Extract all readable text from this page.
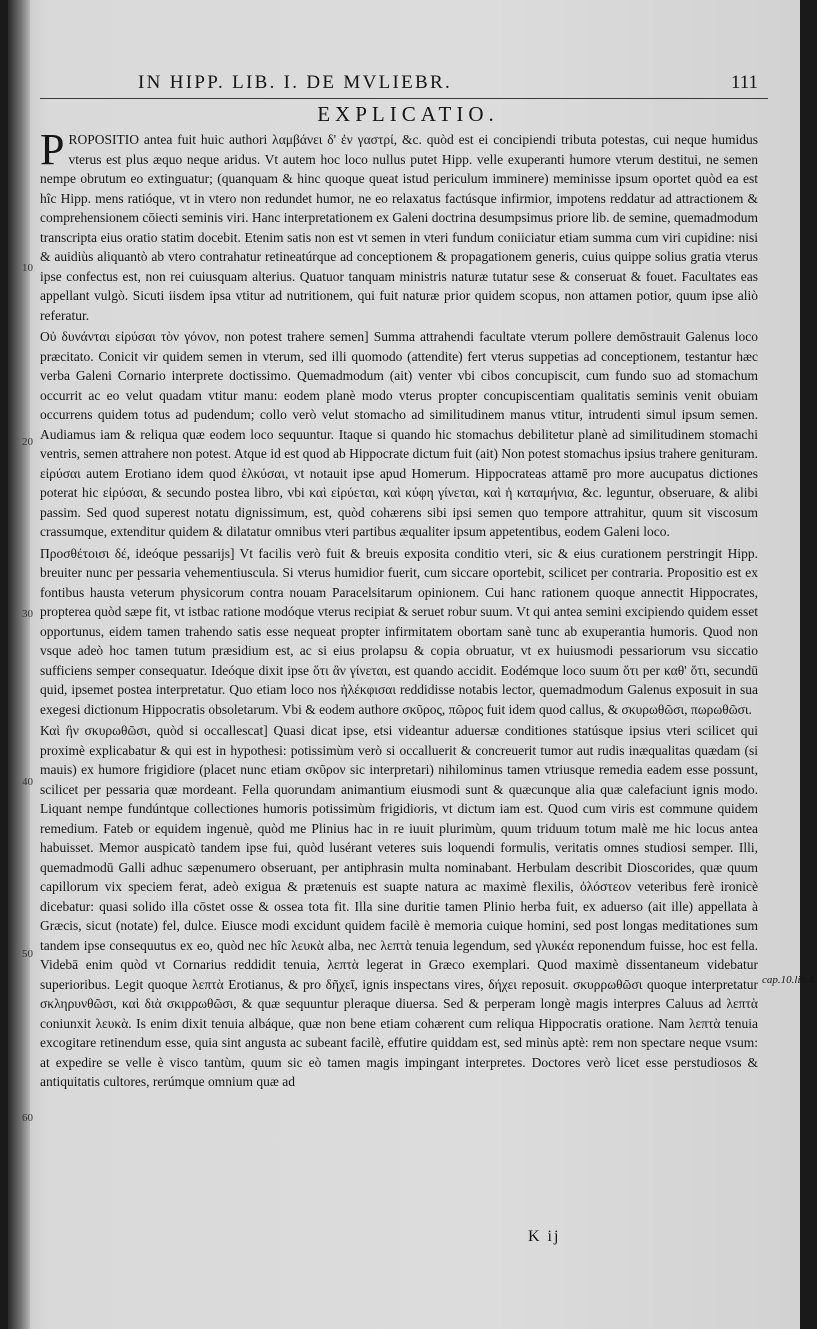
IN HIPP. LIB. I. DE MVLIEBR.	111
EXPLICATIO.

PROPOSITIO antea fuit huic authori λαμβάνει δ' ἐν γαστρί, &c. quòd est ei concipiendi tributa potestas, cui neque humidus vterus est plus æquo neque aridus. Vt autem hoc loco nullus putet Hipp. velle exuperanti humore vterum destitui, ne semen nempe obrutum eo extinguatur; (quanquam & hinc quoque queat istud periculum imminere) meminisse ipsum oportet quòd ea est hîc Hipp. mens ratióque, vt in vtero non redundet humor, ne eo relaxatus factúsque infirmior, impotens reddatur ad attractionem & comprehensionem cōiecti seminis viri. Hanc interpretationem ex Galeni doctrina desumpsimus priore lib. de semine, quemadmodum transcripta eius oratio statim docebit. Etenim satis non est vt semen in vteri fundum coniiciatur etiam summa cum viri cupidine: nisi & auidiùs aliquantò ab vtero contrahatur retineatúrque ad conceptionem & propagationem generis, cuius quippe solius gratia vterus ipse confectus est, non rei cuiusquam alterius. Quatuor tanquam ministris naturæ tutatur sese & conseruat & fouet. Facultates eas appellant vulgò. Sicuti iisdem ipsa vtitur ad nutritionem, qui fuit naturæ prior quidem scopus, non attamen potior, quum ipse aliò referatur.

Οὐ δυνάνται εἰρύσαι τὸν γόνον, non potest trahere semen] Summa attrahendi facultate vterum pollere demōstrauit Galenus loco præcitato. Conicit vir quidem semen in vterum, sed illi quomodo (attendite) fert vterus suppetias ad conceptionem, testantur hæc verba Galeni Cornario interprete doctissimo. Quemadmodum (ait) venter vbi cibos concupiscit, cum fundo suo ad stomachum occurrit ac eo velut quadam vtitur manu: eodem planè modo vterus propter concupiscentiam qualitatis seminis venit obuiam occurrens quidem totus ad pudendum; collo verò velut stomacho ad similitudinem manus vtitur, intrudenti simul ipsum semen. Audiamus iam & reliqua quæ eodem loco sequuntur. Itaque si quando hic stomachus debilitetur planè ad similitudinem stomachi ventris, semen attrahere non potest. Atque id est quod ab Hippocrate dictum fuit (ait) Non potest stomachus ipsius trahere genituram. εἰρύσαι autem Erotiano idem quod ἑλκύσαι, vt notauit ipse apud Homerum. Hippocrateas attamē pro more aucupatus dictiones poterat hic εἰρύσαι, & secundo postea libro, vbi καὶ εἰρύεται, καὶ κύφη γίνεται, καὶ ἡ καταμήνια, &c. leguntur, obseruare, & alibi passim. Sed quod superest notatu dignissimum, est, quòd cohærens sibi ipsi semen quo tempore attrahitur, quum sit viscosum crassumque, extenditur quidem & dilatatur omnibus vteri partibus æqualiter ipsum appetentibus, eodem Galeni loco.

Προσθέτοισι δέ, ideóque pessarijs] Vt facilis verò fuit & breuis exposita conditio vteri, sic & eius curationem perstringit Hipp. breuiter nunc per pessaria vehementiuscula. Si vterus humidior fuerit, cum siccare oportebit, scilicet per contraria. Propositio est ex fontibus hausta veterum physicorum contra nouam Paracelsitarum opinionem. Cui hanc rationem quoque annectit Hippocrates, propterea quòd sæpe fit, vt istbac ratione modóque vterus recipiat & seruet robur suum. Vt qui antea semini excipiendo quidem esset opportunus, eidem tamen trahendo satis esse nequeat propter infirmitatem obortam sanè tunc ab exuperantia humoris. Quod non vsque adeò hoc tamen tutum præsidium est, ac si eius prolapsu & copia obruatur, vt ex huiusmodi pessariorum vsu siccatio sufficiens semper consequatur. Ideóque dixit ipse ὅτι ἂν γίνεται, est quando accidit. Eodémque loco suum ὅτι per καθ' ὅτι, secundū quid, ipsemet postea interpretatur. Quo etiam loco nos ἠλέκφισαι reddidisse notabis lector, quemadmodum Galenus exposuit in sua exegesi dictionum Hippocratis obsoletarum. Vbi & eodem authore σκῦρος, πῶρος fuit idem quod callus, & σκυρωθῶσι, πωρωθῶσι.

Καὶ ἢν σκυρωθῶσι, quòd si occallescat] Quasi dicat ipse, etsi videantur aduersæ conditiones statúsque ipsius vteri scilicet qui proximè explicabatur & qui est in hypothesi: potissimùm verò si occalluerit & concreuerit tumor aut rudis inæqualitas quædam (si mauis) ex humore frigidiore (placet nunc etiam σκῦρον sic interpretari) nihilominus tamen vtriusque remedia eadem esse possunt, scilicet per pessaria quæ mordeant. Fella quorundam animantium eiusmodi sunt & quæcunque alia quæ calefaciunt ignis modo. Liquant nempe fundúntque collectiones humoris potissimùm frigidioris, vt dictum iam est. Quod cum viris est commune quidem remedium. Fateb or equidem ingenuè, quòd me Plinius hac in re iuuit plurimùm, quum triduum totum malè me hic locus antea habuisset. Memor auspicatò tandem ipse fui, quòd lusérant veteres suis loquendi formulis, veritatis omnes studiosi semper. Illi, quemadmodū Galli adhuc sæpenumero obseruant, per antiphrasin multa nominabant. Herbulam describit Dioscorides, quæ quum capillorum vix speciem ferat, adeò exigua & prætenuis est suapte natura ac maximè flexilis, ὀλόστεον veteribus ferè ironicè dicebatur: quasi solido illa cōstet osse & ossea tota fit. Illa sine duritie tamen Plinio herba fuit, ex aduerso (ait ille) appellata à Græcis, sicut (notate) fel, dulce. Eiusce modi excidunt quidem facilè è memoria cuique homini, sed post longas meditationes sum tandem ipse consequutus ex eo, quòd nec hîc λευκὰ alba, nec λεπτὰ tenuia legendum, sed γλυκέα reponendum fuisse, hoc est fella. Videbā enim quòd vt Cornarius reddidit tenuia, λεπτὰ legerat in Græco exemplari. Quod maximè dissentaneum videbatur superioribus. Legit quoque λεπτὰ Erotianus, & pro δῆχεῖ, ignis inspectans vires, δήχει reposuit. σκυρρωθῶσι quoque interpretatur σκληρυνθῶσι, καὶ διὰ σκιρρωθῶσι, & quæ sequuntur pleraque diuersa. Sed & perperam longè magis interpres Caluus ad λεπτὰ coniunxit λευκὰ. Is enim dixit tenuia albáque, quæ non bene etiam cohærent cum reliqua Hippocratis oratione. Nam λεπτὰ tenuia excogitare retinendum esse, quia sint angusta ac subeant facilè, effutire quiddam est, sed minùs aptè: rem non spectare neque vsum: at expedire se velle è visco tantùm, quum sic eò tamen magis impingant interpretes. Doctores verò licet esse perstudiosos & antiquitatis cultores, rerúmque omnium quæ ad

10
20
30
40
50
60
cap.10.lib.4.
K ij
